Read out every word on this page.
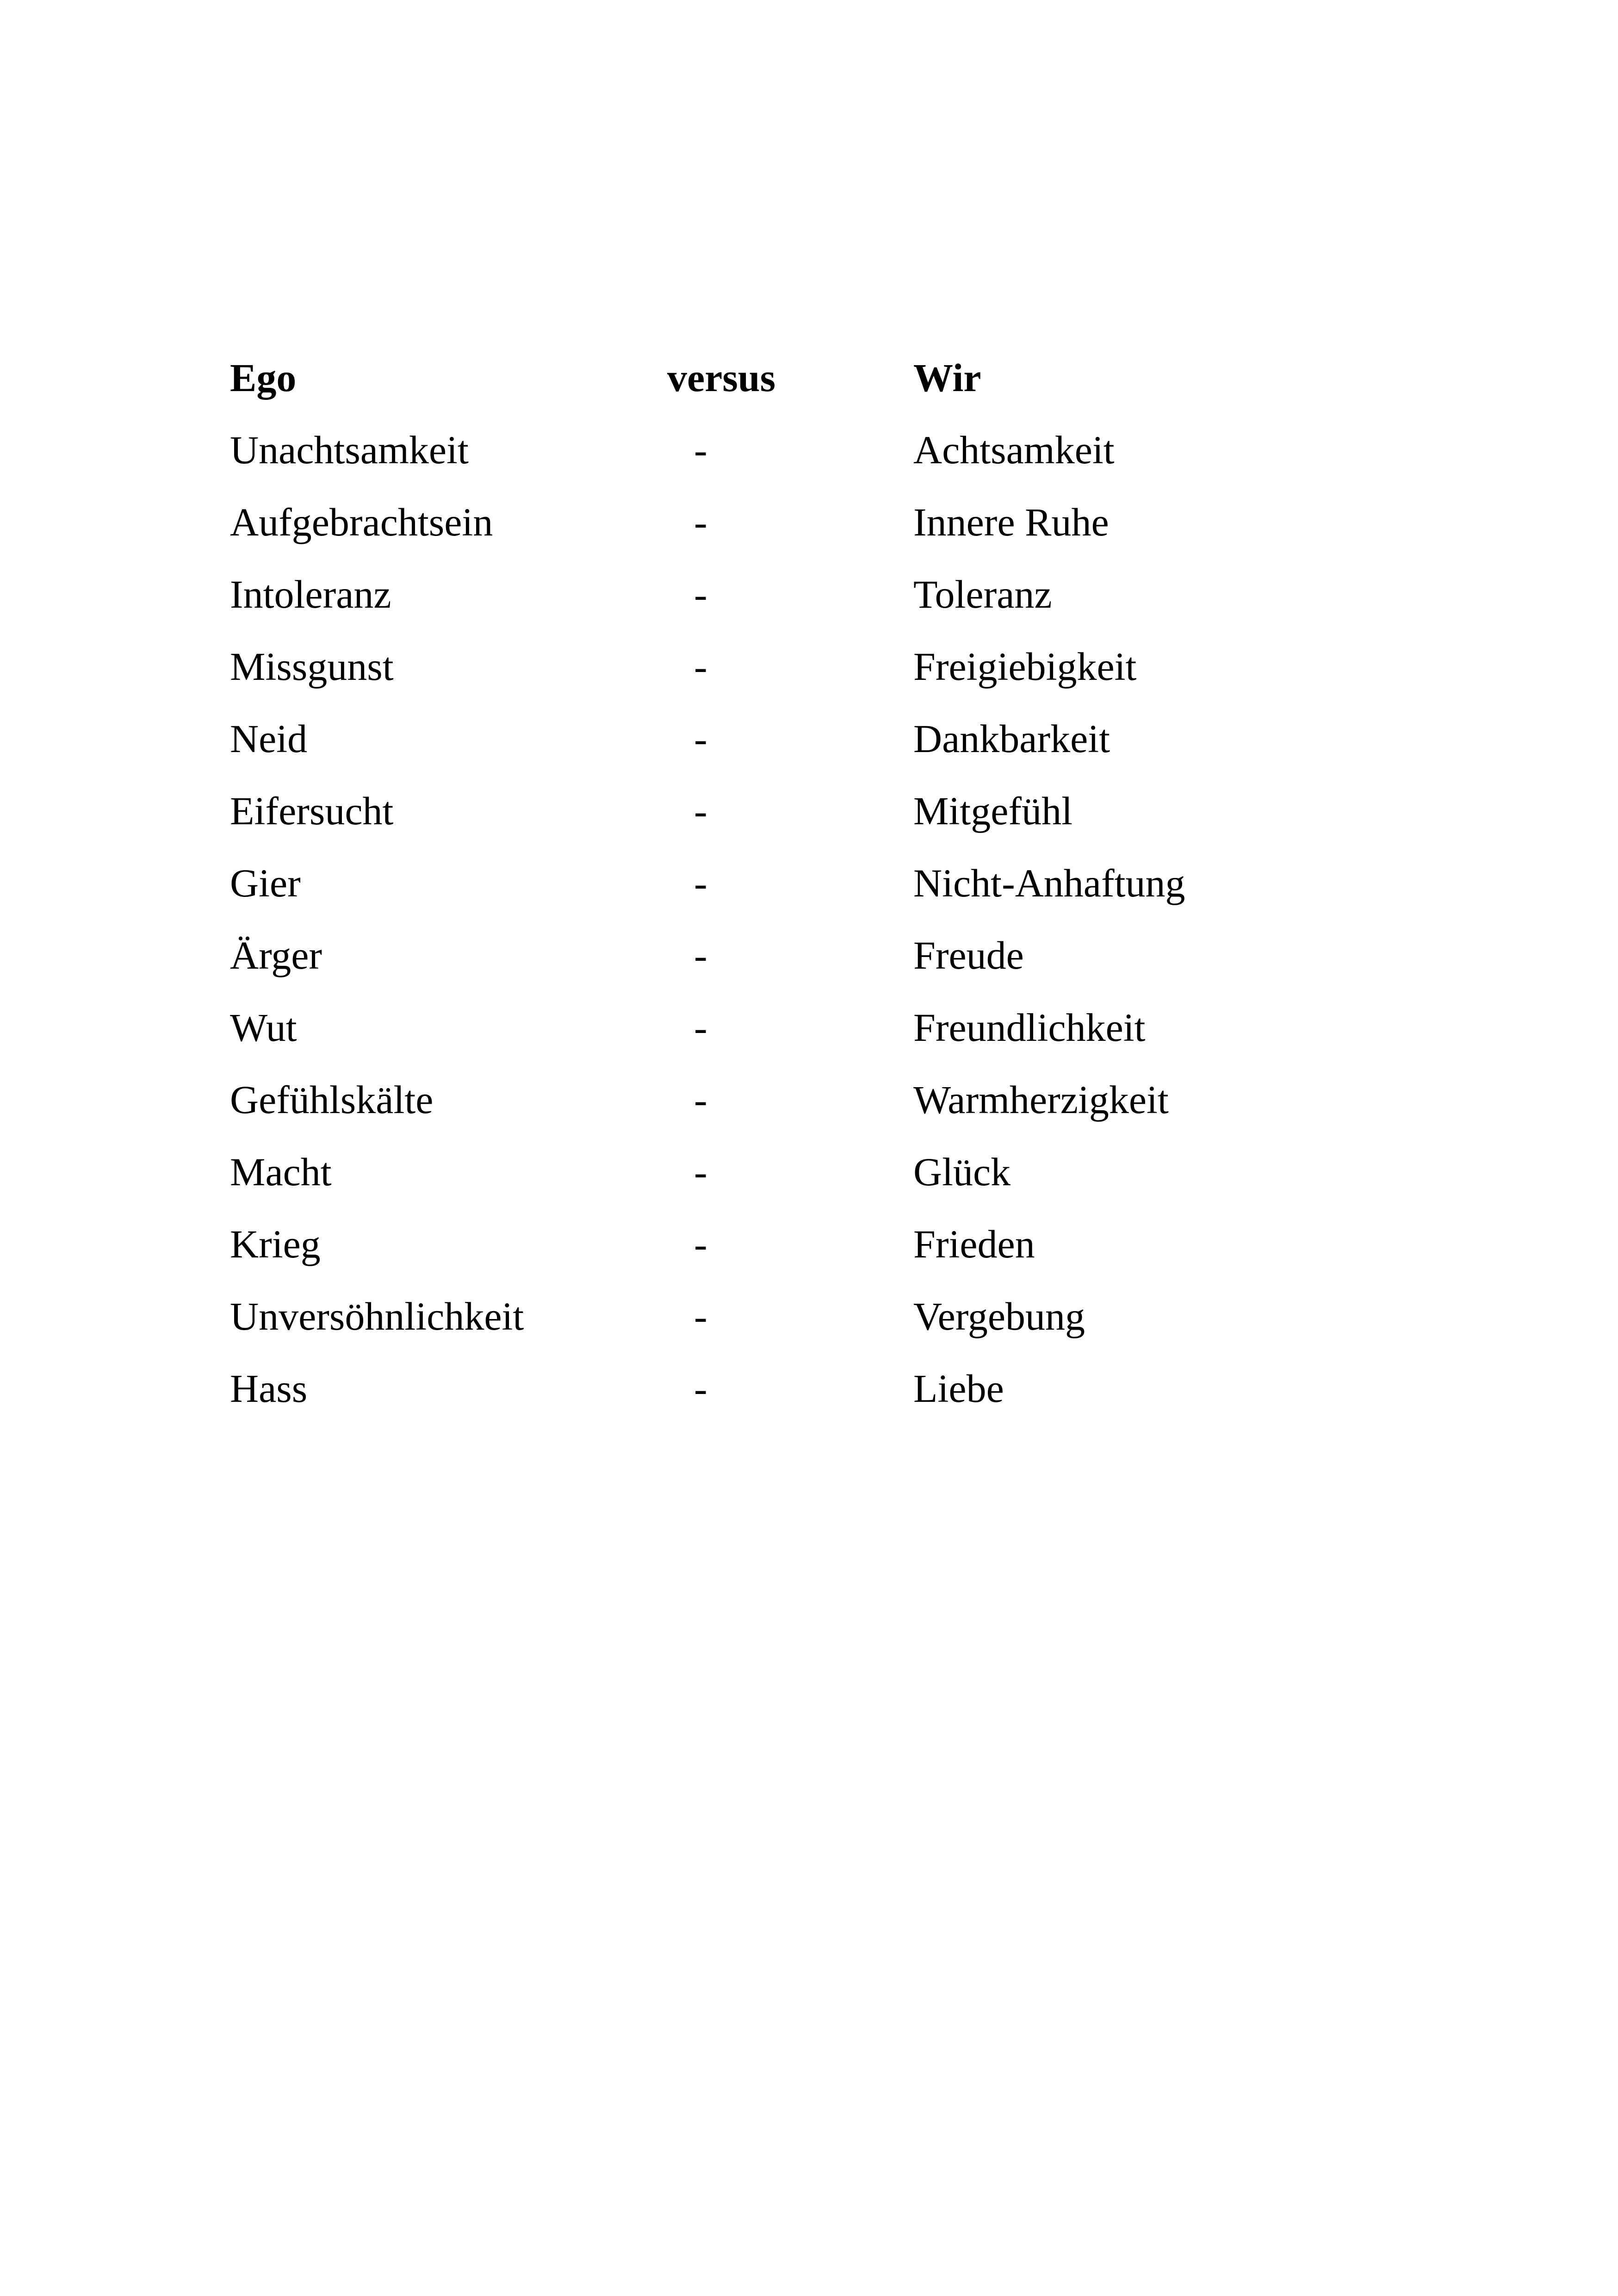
Ego	versus	Wir
Unachtsamkeit	-	Achtsamkeit
Aufgebrachtsein	-	Innere Ruhe
Intoleranz	-	Toleranz
Missgunst	-	Freigiebigkeit
Neid	-	Dankbarkeit
Eifersucht	-	Mitgefühl
Gier	-	Nicht-Anhaftung
Ärger	-	Freude
Wut	-	Freundlichkeit
Gefühlskälte	-	Warmherzigkeit
Macht	-	Glück
Krieg	-	Frieden
Unversöhnlichkeit	-	Vergebung
Hass	-	Liebe
